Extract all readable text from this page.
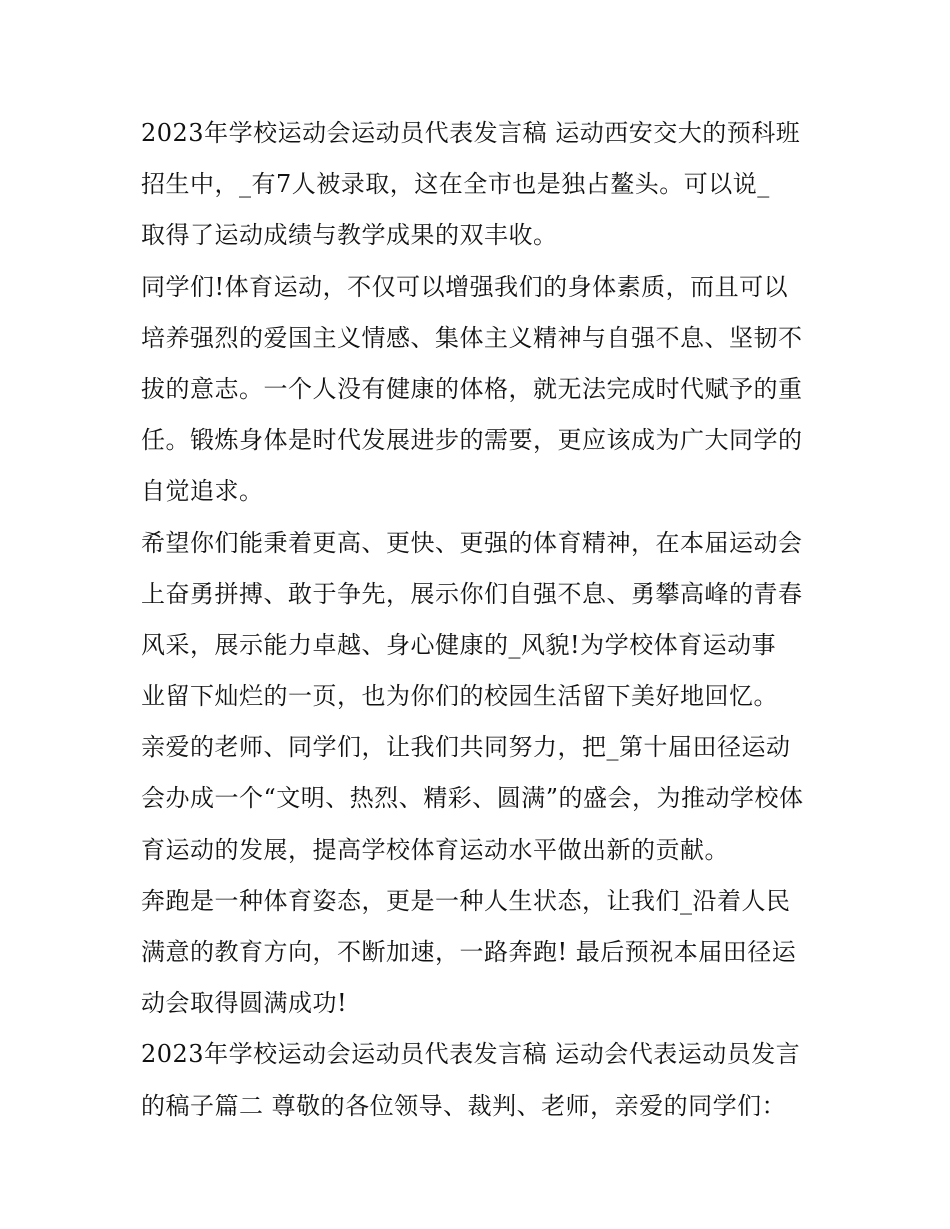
2023年学校运动会运动员代表发言稿 运动西安交大的预科班
招生中，_有7人被录取，这在全市也是独占鳌头。可以说_
取得了运动成绩与教学成果的双丰收。
同学们!体育运动，不仅可以增强我们的身体素质，而且可以
培养强烈的爱国主义情感、集体主义精神与自强不息、坚韧不
拔的意志。一个人没有健康的体格，就无法完成时代赋予的重
任。锻炼身体是时代发展进步的需要，更应该成为广大同学的
自觉追求。
希望你们能秉着更高、更快、更强的体育精神，在本届运动会
上奋勇拼搏、敢于争先，展示你们自强不息、勇攀高峰的青春
风采，展示能力卓越、身心健康的_风貌!为学校体育运动事
业留下灿烂的一页，也为你们的校园生活留下美好地回忆。
亲爱的老师、同学们，让我们共同努力，把_第十届田径运动
会办成一个“文明、热烈、精彩、圆满”的盛会，为推动学校体
育运动的发展，提高学校体育运动水平做出新的贡献。
奔跑是一种体育姿态，更是一种人生状态，让我们_沿着人民
满意的教育方向，不断加速，一路奔跑! 最后预祝本届田径运
动会取得圆满成功!
2023年学校运动会运动员代表发言稿 运动会代表运动员发言
的稿子篇二 尊敬的各位领导、裁判、老师，亲爱的同学们：
